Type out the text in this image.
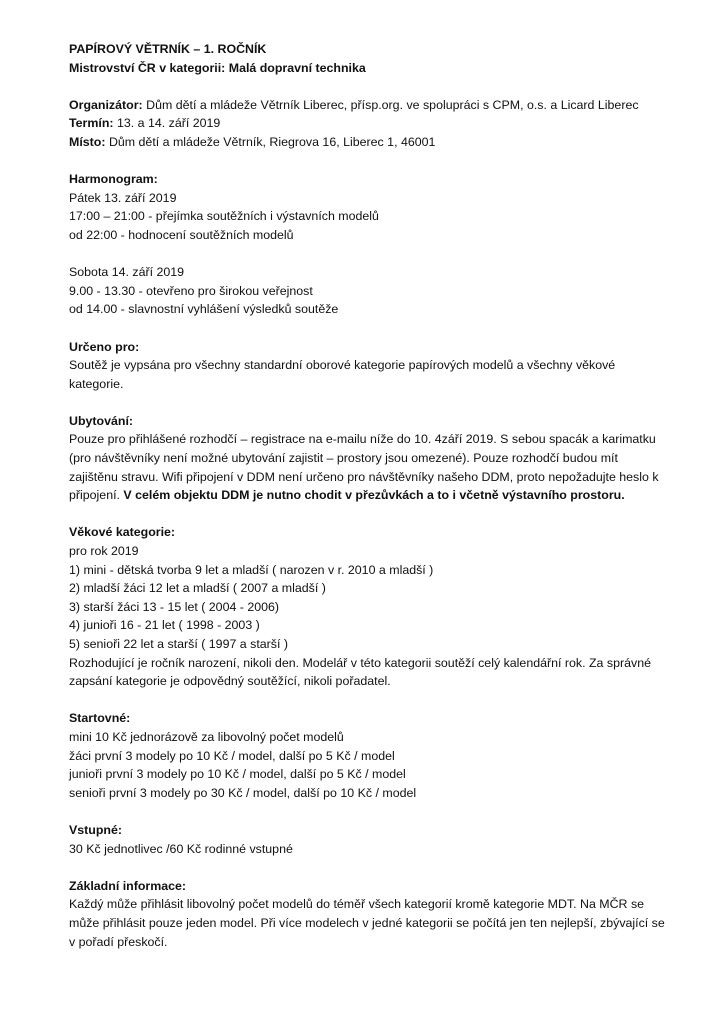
PAPÍROVÝ VĚTRNÍK – 1. ROČNÍK
Mistrovství ČR v kategorii: Malá dopravní technika
Organizátor: Dům dětí a mládeže Větrník Liberec, přísp.org. ve spolupráci s CPM, o.s. a Licard Liberec
Termín: 13. a 14. září 2019
Místo: Dům dětí a mládeže Větrník, Riegrova 16, Liberec 1, 46001
Harmonogram:
Pátek 13. září 2019
17:00 – 21:00 - přejímka soutěžních i výstavních modelů
od 22:00 - hodnocení soutěžních modelů
Sobota 14. září 2019
9.00 - 13.30 - otevřeno pro širokou veřejnost
od 14.00 - slavnostní vyhlášení výsledků soutěže
Určeno pro:
Soutěž je vypsána pro všechny standardní oborové kategorie papírových modelů a všechny věkové
kategorie.
Ubytování:
Pouze pro přihlášené rozhodčí – registrace na e-mailu níže do 10. 4září 2019. S sebou spacák a karimatku
(pro návštěvníky není možné ubytování zajistit – prostory jsou omezené). Pouze rozhodčí budou mít
zajištěnu stravu. Wifi připojení v DDM není určeno pro návštěvníky našeho DDM, proto nepožadujte heslo k
připojení. V celém objektu DDM je nutno chodit v přezůvkách a to i včetně výstavního prostoru.
Věkové kategorie:
pro rok 2019
1) mini - dětská tvorba 9 let a mladší ( narozen v r. 2010 a mladší )
2) mladší žáci 12 let a mladší ( 2007 a mladší )
3) starší žáci 13 - 15 let ( 2004 - 2006)
4) junioři 16 - 21 let ( 1998 - 2003 )
5) senioři 22 let a starší ( 1997 a starší )
Rozhodující je ročník narození, nikoli den. Modelář v této kategorii soutěží celý kalendářní rok. Za správné
zapsání kategorie je odpovědný soutěžící, nikoli pořadatel.
Startovné:
mini 10 Kč jednorázově za libovolný počet modelů
žáci první 3 modely po 10 Kč / model, další po 5 Kč / model
junioři první 3 modely po 10 Kč / model, další po 5 Kč / model
senioři první 3 modely po 30 Kč / model, další po 10 Kč / model
Vstupné:
30 Kč jednotlivec /60 Kč rodinné vstupné
Základní informace:
Každý může přihlásit libovolný počet modelů do téměř všech kategorií kromě kategorie MDT. Na MČR se
může přihlásit pouze jeden model. Při více modelech v jedné kategorii se počítá jen ten nejlepší, zbývající se
v pořadí přeskočí.
